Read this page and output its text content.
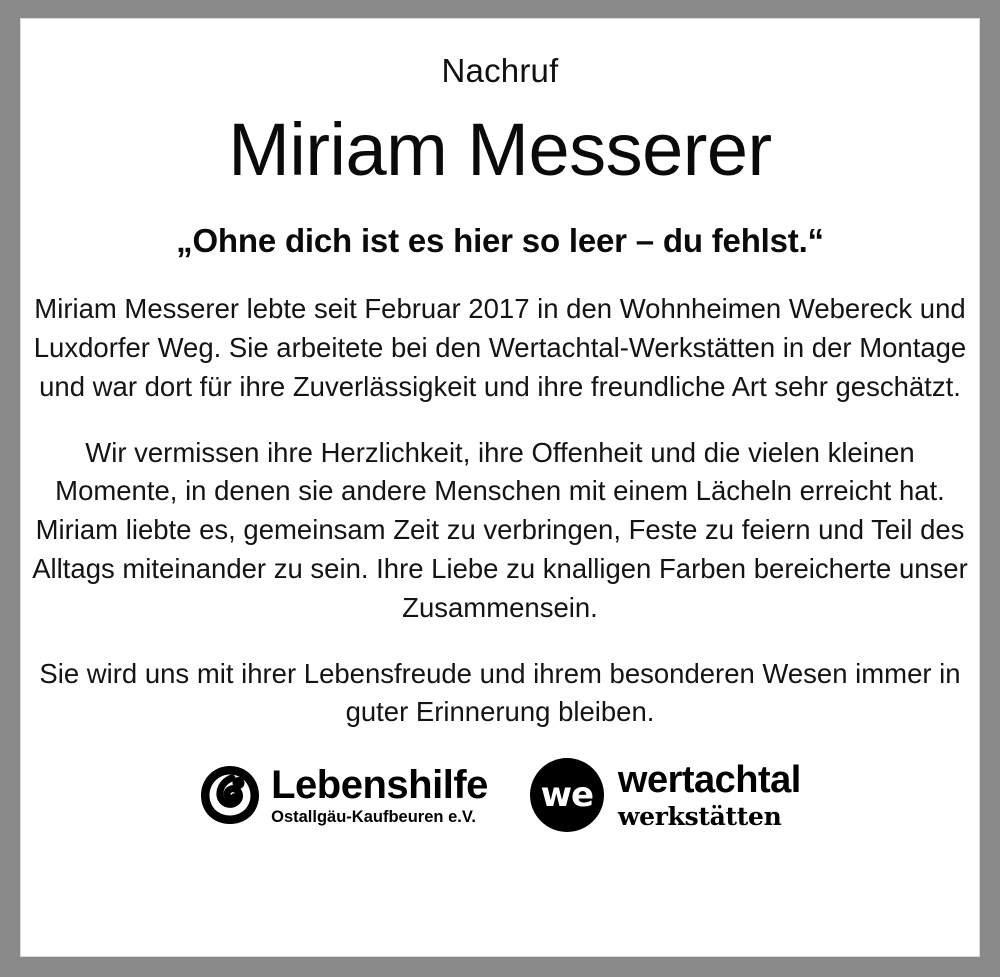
Nachruf
Miriam Messerer
„Ohne dich ist es hier so leer – du fehlst.“
Miriam Messerer lebte seit Februar 2017 in den Wohnheimen Webereck und Luxdorfer Weg. Sie arbeitete bei den Wertachtal-Werkstätten in der Montage und war dort für ihre Zuverlässigkeit und ihre freundliche Art sehr geschätzt.
Wir vermissen ihre Herzlichkeit, ihre Offenheit und die vielen kleinen Momente, in denen sie andere Menschen mit einem Lächeln erreicht hat. Miriam liebte es, gemeinsam Zeit zu verbringen, Feste zu feiern und Teil des Alltags miteinander zu sein. Ihre Liebe zu knalligen Farben bereicherte unser Zusammensein.
Sie wird uns mit ihrer Lebensfreude und ihrem besonderen Wesen immer in guter Erinnerung bleiben.
Lebenshilfe
Ostallgäu-Kaufbeuren e.V.
we wertachtal
werkstätten
